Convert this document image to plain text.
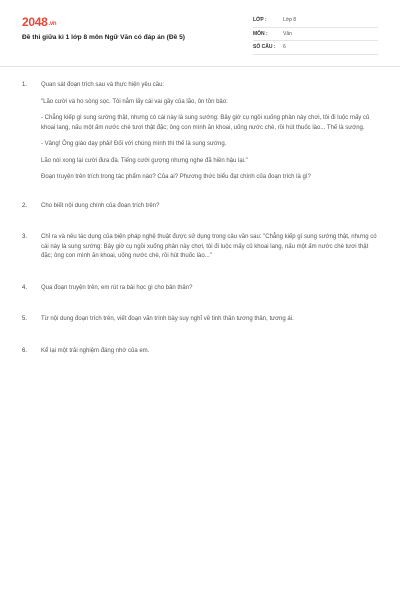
2048.vn
Đề thi giữa kì 1 lớp 8 môn Ngữ Văn có đáp án (Đề 5)
LỚP :	Lớp 8
MÔN :	Văn
SỐ CÂU :	6
1.	Quan sát đoạn trích sau và thực hiện yêu cầu:

"Lão cười và ho sòng sọc. Tôi nắm lấy cái vai gầy của lão, ôn tồn bảo:

- Chẳng kiếp gì sung sướng thật, nhưng có cái này là sung sướng: Bây giờ cụ ngồi xuống phản này chơi, tôi đi luộc mấy củ khoai lang, nấu một ấm nước chè tươi thật đặc; ông con mình ăn khoai, uống nước chè, rồi hút thuốc lào... Thế là sướng.

- Vâng! Ông giáo dạy phải! Đối với chúng mình thì thế là sung sướng.

Lão nói xong lại cười đưa đà. Tiếng cười gượng nhưng nghe đã hiền hậu lại."

Đoạn truyện trên trích trong tác phẩm nào? Của ai? Phương thức biểu đạt chính của đoạn trích là gì?

2.	Cho biết nội dung chính của đoạn trích trên?
3.	Chỉ ra và nêu tác dụng của biện pháp nghệ thuật được sử dụng trong câu văn sau: "Chẳng kiếp gì sung sướng thật, nhưng có cái này là sung sướng: Bây giờ cụ ngồi xuống phản này chơi, tôi đi luộc mấy củ khoai lang, nấu một ấm nước chè tươi thật đặc; ông con mình ăn khoai, uống nước chè, rồi hút thuốc lào..."
4.	Qua đoạn truyện trên, em rút ra bài học gì cho bản thân?
5.	Từ nội dung đoạn trích trên, viết đoạn văn trình bày suy nghĩ về tinh thần tương thân, tương ái.
6.	Kể lại một trải nghiệm đáng nhớ của em.
